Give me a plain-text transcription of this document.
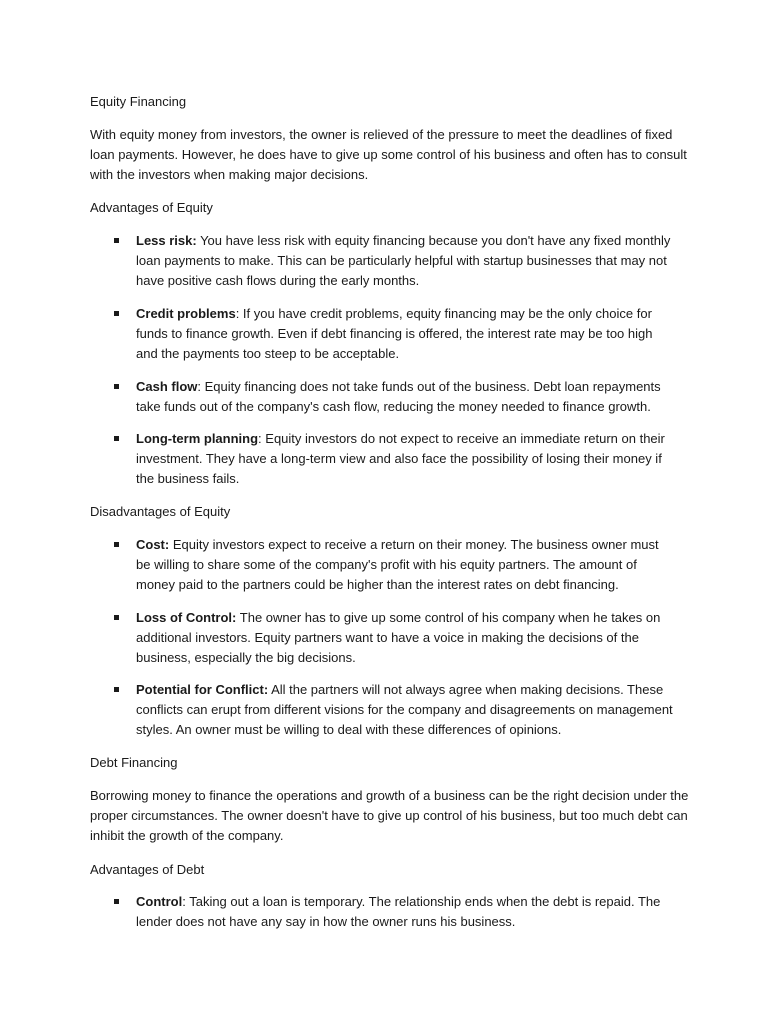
Equity Financing

With equity money from investors, the owner is relieved of the pressure to meet the deadlines of fixed loan payments. However, he does have to give up some control of his business and often has to consult with the investors when making major decisions.

Advantages of Equity

Less risk: You have less risk with equity financing because you don't have any fixed monthly loan payments to make. This can be particularly helpful with startup businesses that may not have positive cash flows during the early months.
Credit problems: If you have credit problems, equity financing may be the only choice for funds to finance growth. Even if debt financing is offered, the interest rate may be too high and the payments too steep to be acceptable.
Cash flow: Equity financing does not take funds out of the business. Debt loan repayments take funds out of the company's cash flow, reducing the money needed to finance growth.
Long-term planning: Equity investors do not expect to receive an immediate return on their investment. They have a long-term view and also face the possibility of losing their money if the business fails.

Disadvantages of Equity

Cost: Equity investors expect to receive a return on their money. The business owner must be willing to share some of the company's profit with his equity partners. The amount of money paid to the partners could be higher than the interest rates on debt financing.
Loss of Control: The owner has to give up some control of his company when he takes on additional investors. Equity partners want to have a voice in making the decisions of the business, especially the big decisions.
Potential for Conflict: All the partners will not always agree when making decisions. These conflicts can erupt from different visions for the company and disagreements on management styles. An owner must be willing to deal with these differences of opinions.

Debt Financing

Borrowing money to finance the operations and growth of a business can be the right decision under the proper circumstances. The owner doesn't have to give up control of his business, but too much debt can inhibit the growth of the company.

Advantages of Debt

Control: Taking out a loan is temporary. The relationship ends when the debt is repaid. The lender does not have any say in how the owner runs his business.
